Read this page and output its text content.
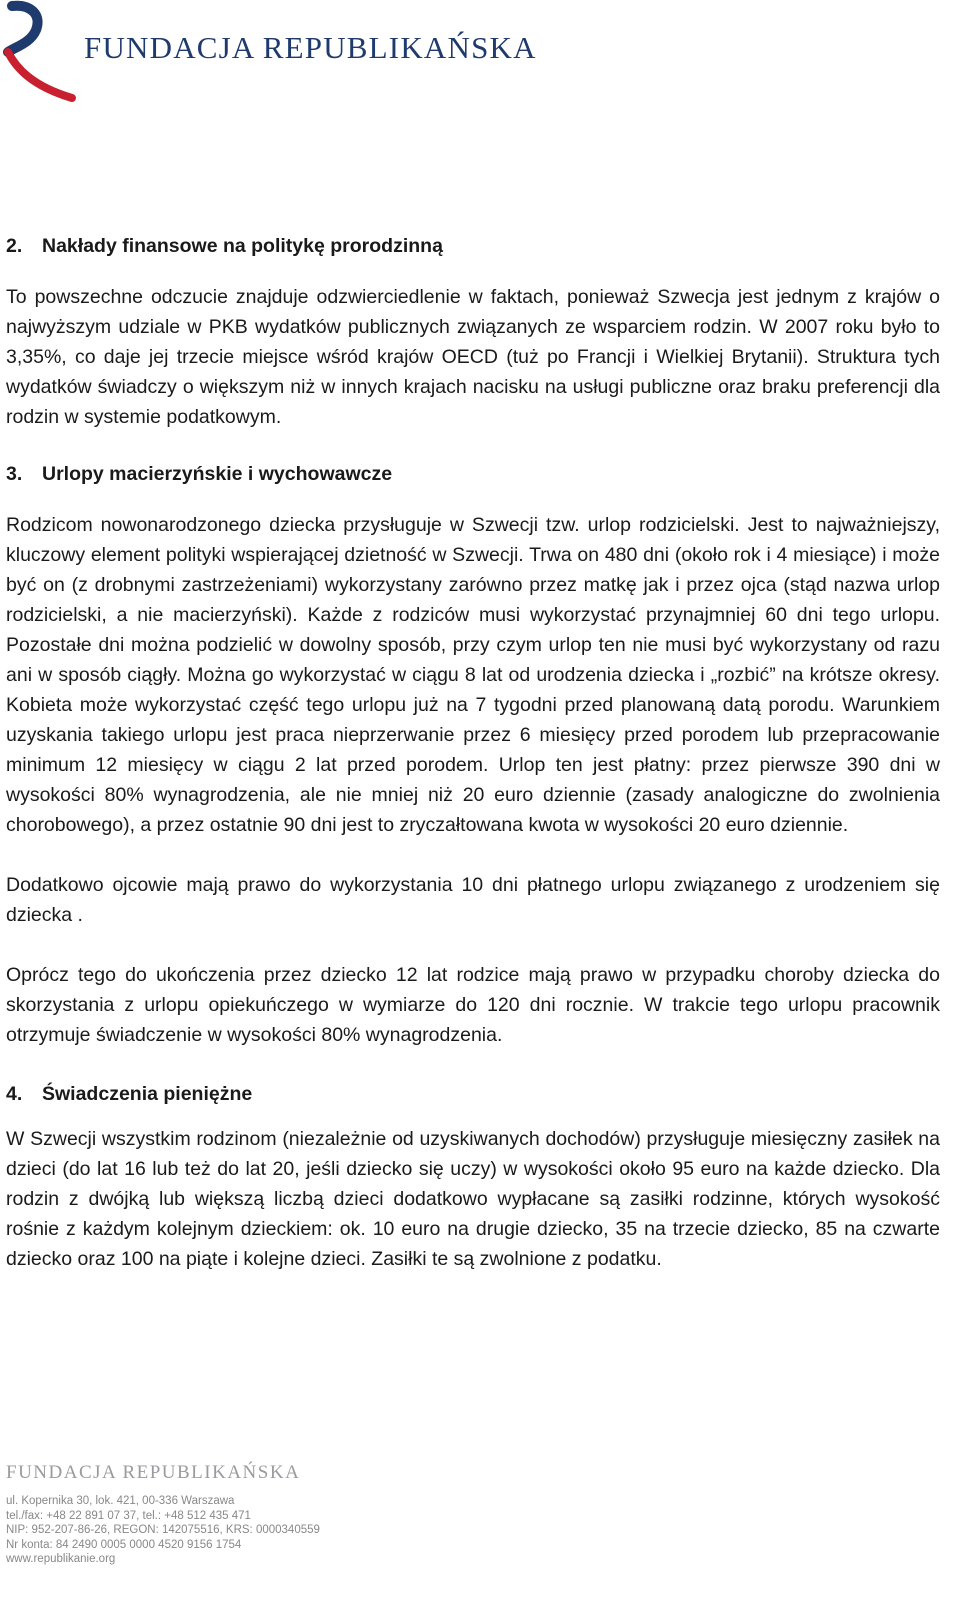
FUNDACJA REPUBLIKAŃSKA
2. Nakłady finansowe na politykę prorodzinną

To powszechne odczucie znajduje odzwierciedlenie w faktach, ponieważ Szwecja jest jednym z krajów o najwyższym udziale w PKB wydatków publicznych związanych ze wsparciem rodzin. W 2007 roku było to 3,35%, co daje jej trzecie miejsce wśród krajów OECD (tuż po Francji i Wielkiej Brytanii). Struktura tych wydatków świadczy o większym niż w innych krajach nacisku na usługi publiczne oraz braku preferencji dla rodzin w systemie podatkowym.

3. Urlopy macierzyńskie i wychowawcze

Rodzicom nowonarodzonego dziecka przysługuje w Szwecji tzw. urlop rodzicielski. Jest to najważniejszy, kluczowy element polityki wspierającej dzietność w Szwecji. Trwa on 480 dni (około rok i 4 miesiące) i może być on (z drobnymi zastrzeżeniami) wykorzystany zarówno przez matkę jak i przez ojca (stąd nazwa urlop rodzicielski, a nie macierzyński). Każde z rodziców musi wykorzystać przynajmniej 60 dni tego urlopu. Pozostałe dni można podzielić w dowolny sposób, przy czym urlop ten nie musi być wykorzystany od razu ani w sposób ciągły. Można go wykorzystać w ciągu 8 lat od urodzenia dziecka i „rozbić” na krótsze okresy. Kobieta może wykorzystać część tego urlopu już na 7 tygodni przed planowaną datą porodu. Warunkiem uzyskania takiego urlopu jest praca nieprzerwanie przez 6 miesięcy przed porodem lub przepracowanie minimum 12 miesięcy w ciągu 2 lat przed porodem. Urlop ten jest płatny: przez pierwsze 390 dni w wysokości 80% wynagrodzenia, ale nie mniej niż 20 euro dziennie (zasady analogiczne do zwolnienia chorobowego), a przez ostatnie 90 dni jest to zryczałtowana kwota w wysokości 20 euro dziennie.

Dodatkowo ojcowie mają prawo do wykorzystania 10 dni płatnego urlopu związanego z urodzeniem się dziecka .

Oprócz tego do ukończenia przez dziecko 12 lat rodzice mają prawo w przypadku choroby dziecka do skorzystania z urlopu opiekuńczego w wymiarze do 120 dni rocznie. W trakcie tego urlopu pracownik otrzymuje świadczenie w wysokości 80% wynagrodzenia.

4. Świadczenia pieniężne

W Szwecji wszystkim rodzinom (niezależnie od uzyskiwanych dochodów) przysługuje miesięczny zasiłek na dzieci (do lat 16 lub też do lat 20, jeśli dziecko się uczy) w wysokości około 95 euro na każde dziecko. Dla rodzin z dwójką lub większą liczbą dzieci dodatkowo wypłacane są zasiłki rodzinne, których wysokość rośnie z każdym kolejnym dzieckiem: ok. 10 euro na drugie dziecko, 35 na trzecie dziecko, 85 na czwarte dziecko oraz 100 na piąte i kolejne dzieci. Zasiłki te są zwolnione z podatku.

FUNDACJA REPUBLIKAŃSKA
ul. Kopernika 30, lok. 421, 00-336 Warszawa
tel./fax: +48 22 891 07 37, tel.: +48 512 435 471
NIP: 952-207-86-26, REGON: 142075516, KRS: 0000340559
Nr konta: 84 2490 0005 0000 4520 9156 1754
www.republikanie.org
